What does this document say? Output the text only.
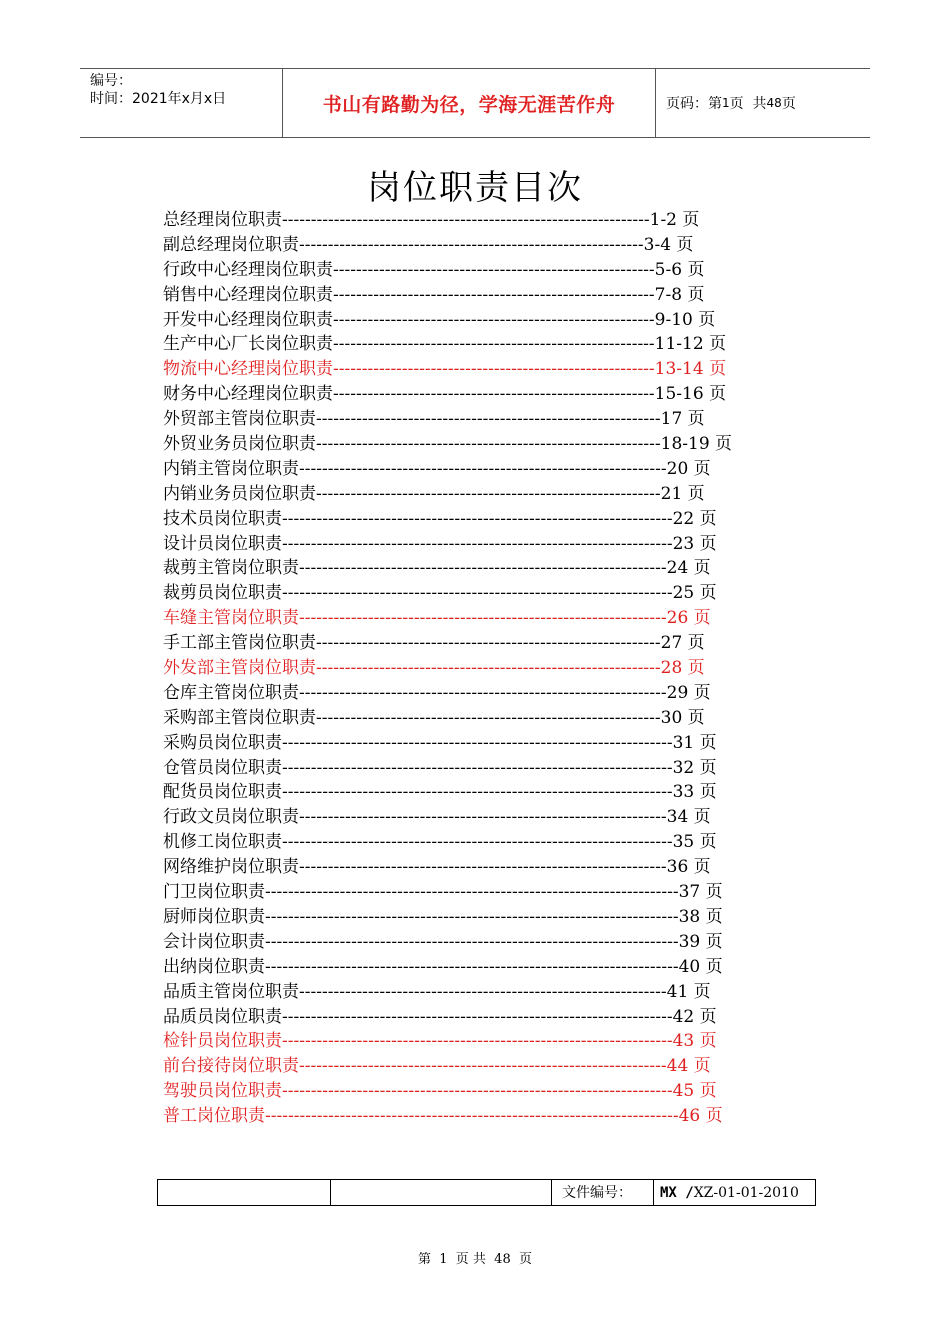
编号：
时间：2021年x月x日	书山有路勤为径，学海无涯苦作舟	页码：第 1 页  共 48 页
岗位职责目次
总经理岗位职责----------------------------------------------------------------1-2 页
副总经理岗位职责------------------------------------------------------------3-4 页
行政中心经理岗位职责--------------------------------------------------------5-6 页
销售中心经理岗位职责--------------------------------------------------------7-8 页
开发中心经理岗位职责--------------------------------------------------------9-10 页
生产中心厂长岗位职责--------------------------------------------------------11-12 页
物流中心经理岗位职责--------------------------------------------------------13-14 页
财务中心经理岗位职责--------------------------------------------------------15-16 页
外贸部主管岗位职责------------------------------------------------------------17 页
外贸业务员岗位职责------------------------------------------------------------18-19 页
内销主管岗位职责----------------------------------------------------------------20 页
内销业务员岗位职责------------------------------------------------------------21 页
技术员岗位职责--------------------------------------------------------------------22 页
设计员岗位职责--------------------------------------------------------------------23 页
裁剪主管岗位职责----------------------------------------------------------------24 页
裁剪员岗位职责--------------------------------------------------------------------25 页
车缝主管岗位职责----------------------------------------------------------------26 页
手工部主管岗位职责------------------------------------------------------------27 页
外发部主管岗位职责------------------------------------------------------------28 页
仓库主管岗位职责----------------------------------------------------------------29 页
采购部主管岗位职责------------------------------------------------------------30 页
采购员岗位职责--------------------------------------------------------------------31 页
仓管员岗位职责--------------------------------------------------------------------32 页
配货员岗位职责--------------------------------------------------------------------33 页
行政文员岗位职责----------------------------------------------------------------34 页
机修工岗位职责--------------------------------------------------------------------35 页
网络维护岗位职责----------------------------------------------------------------36 页
门卫岗位职责------------------------------------------------------------------------37 页
厨师岗位职责------------------------------------------------------------------------38 页
会计岗位职责------------------------------------------------------------------------39 页
出纳岗位职责------------------------------------------------------------------------40 页
品质主管岗位职责----------------------------------------------------------------41 页
品质员岗位职责--------------------------------------------------------------------42 页
检针员岗位职责--------------------------------------------------------------------43 页
前台接待岗位职责----------------------------------------------------------------44 页
驾驶员岗位职责--------------------------------------------------------------------45 页
普工岗位职责------------------------------------------------------------------------46 页
文件编号：	MX /XZ-01-01-2010
第  1  页 共  48  页
